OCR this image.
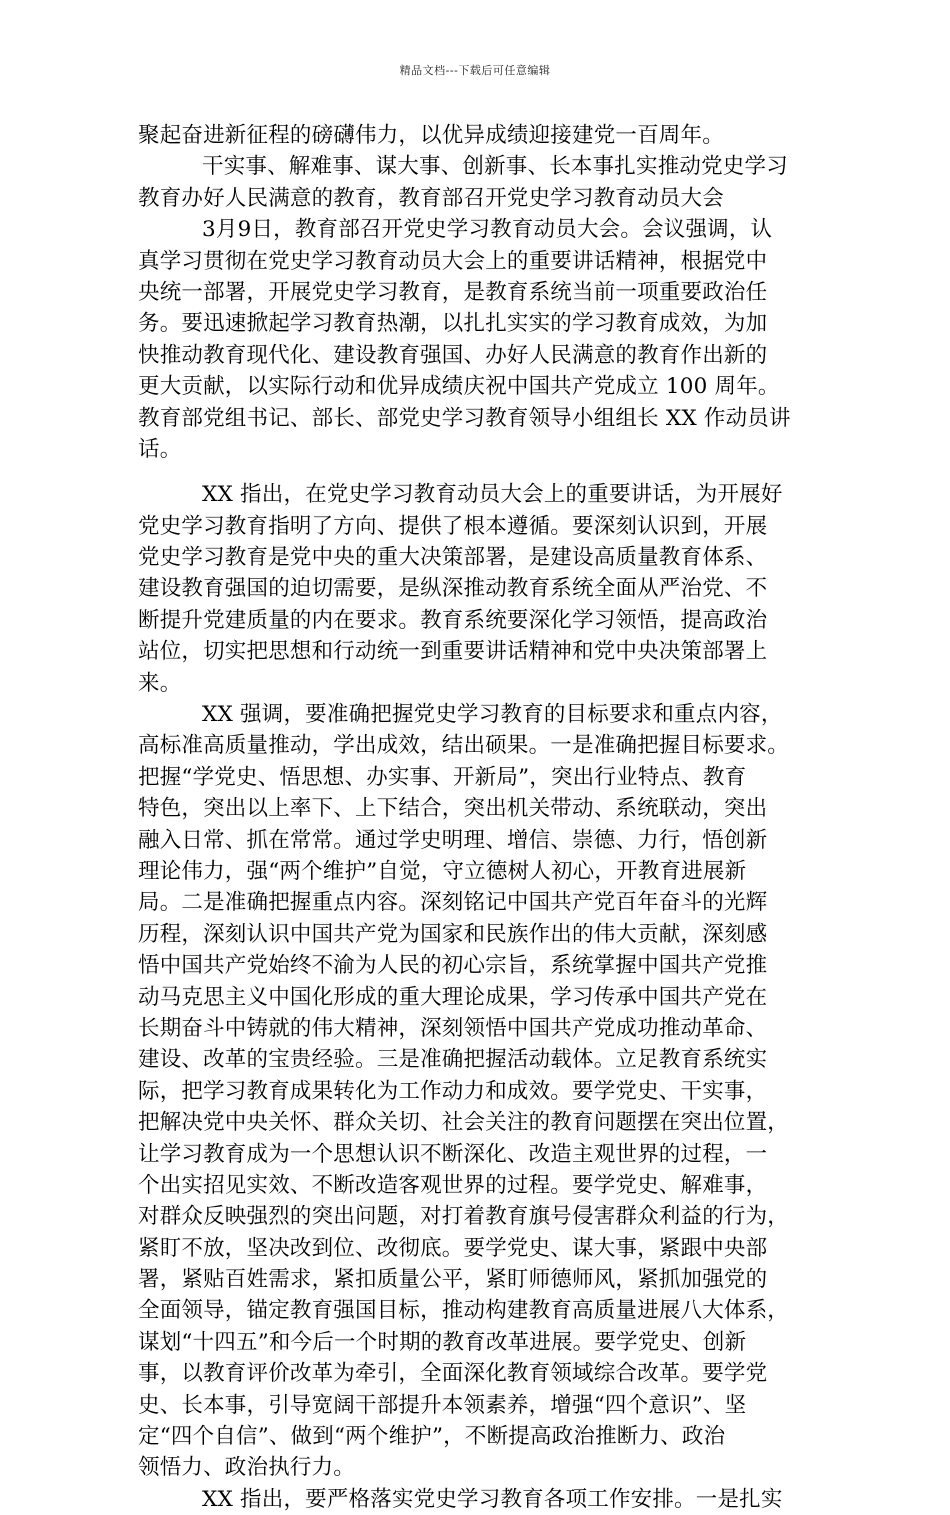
精品文档---下载后可任意编辑
聚起奋进新征程的磅礴伟力，以优异成绩迎接建党一百周年。
干实事、解难事、谋大事、创新事、长本事扎实推动党史学习
教育办好人民满意的教育，教育部召开党史学习教育动员大会
3月9日，教育部召开党史学习教育动员大会。会议强调，认
真学习贯彻在党史学习教育动员大会上的重要讲话精神，根据党中
央统一部署，开展党史学习教育，是教育系统当前一项重要政治任
务。要迅速掀起学习教育热潮，以扎扎实实的学习教育成效，为加
快推动教育现代化、建设教育强国、办好人民满意的教育作出新的
更大贡献，以实际行动和优异成绩庆祝中国共产党成立 100 周年。
教育部党组书记、部长、部党史学习教育领导小组组长 XX 作动员讲
话。
XX 指出，在党史学习教育动员大会上的重要讲话，为开展好
党史学习教育指明了方向、提供了根本遵循。要深刻认识到，开展
党史学习教育是党中央的重大决策部署，是建设高质量教育体系、
建设教育强国的迫切需要，是纵深推动教育系统全面从严治党、不
断提升党建质量的内在要求。教育系统要深化学习领悟，提高政治
站位，切实把思想和行动统一到重要讲话精神和党中央决策部署上
来。
XX 强调，要准确把握党史学习教育的目标要求和重点内容，
高标准高质量推动，学出成效，结出硕果。一是准确把握目标要求。
把握“学党史、悟思想、办实事、开新局”，突出行业特点、教育
特色，突出以上率下、上下结合，突出机关带动、系统联动，突出
融入日常、抓在常常。通过学史明理、增信、崇德、力行，悟创新
理论伟力，强“两个维护”自觉，守立德树人初心，开教育进展新
局。二是准确把握重点内容。深刻铭记中国共产党百年奋斗的光辉
历程，深刻认识中国共产党为国家和民族作出的伟大贡献，深刻感
悟中国共产党始终不渝为人民的初心宗旨，系统掌握中国共产党推
动马克思主义中国化形成的重大理论成果，学习传承中国共产党在
长期奋斗中铸就的伟大精神，深刻领悟中国共产党成功推动革命、
建设、改革的宝贵经验。三是准确把握活动载体。立足教育系统实
际，把学习教育成果转化为工作动力和成效。要学党史、干实事，
把解决党中央关怀、群众关切、社会关注的教育问题摆在突出位置，
让学习教育成为一个思想认识不断深化、改造主观世界的过程，一
个出实招见实效、不断改造客观世界的过程。要学党史、解难事，
对群众反映强烈的突出问题，对打着教育旗号侵害群众利益的行为，
紧盯不放，坚决改到位、改彻底。要学党史、谋大事，紧跟中央部
署，紧贴百姓需求，紧扣质量公平，紧盯师德师风，紧抓加强党的
全面领导，锚定教育强国目标，推动构建教育高质量进展八大体系，
谋划“十四五”和今后一个时期的教育改革进展。要学党史、创新
事，以教育评价改革为牵引，全面深化教育领域综合改革。要学党
史、长本事，引导宽阔干部提升本领素养，增强“四个意识”、坚
定“四个自信”、做到“两个维护”，不断提高政治推断力、政治
领悟力、政治执行力。
XX 指出，要严格落实党史学习教育各项工作安排。一是扎实
